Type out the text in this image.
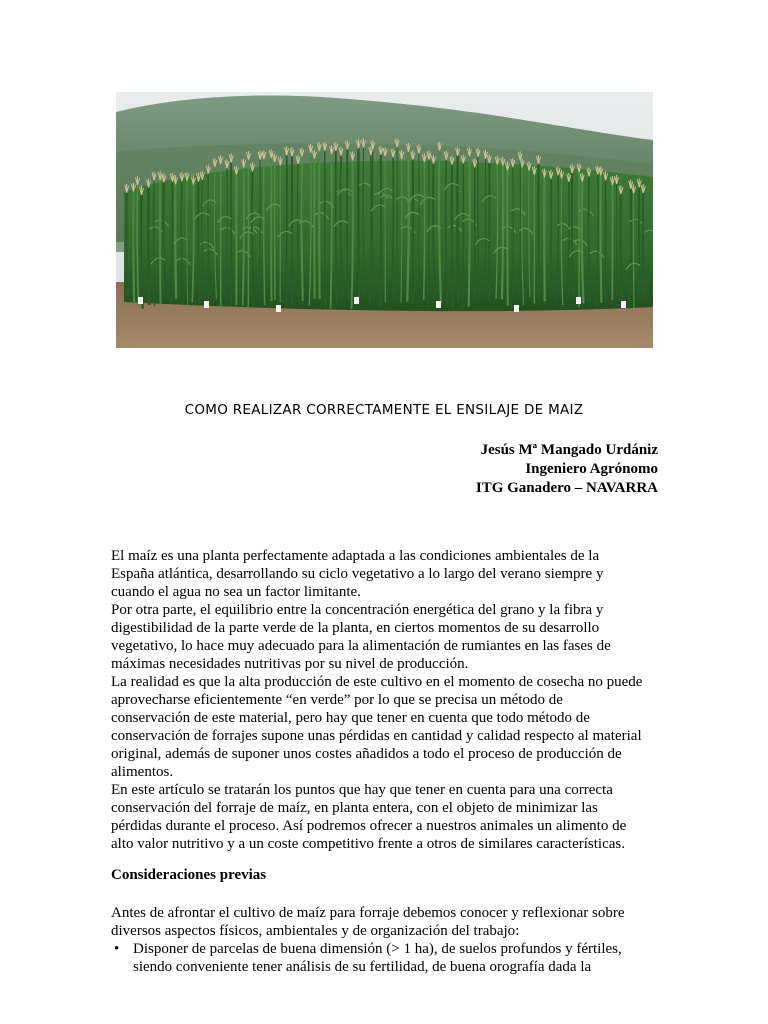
COMO REALIZAR CORRECTAMENTE EL ENSILAJE DE MAIZ
Jesús Mª Mangado Urdániz
Ingeniero Agrónomo
ITG Ganadero – NAVARRA
El maíz es una planta perfectamente adaptada a las condiciones ambientales de la
España atlántica, desarrollando su ciclo vegetativo a lo largo del verano siempre y
cuando el agua no sea un factor limitante.
Por otra parte, el equilibrio entre la concentración energética del grano y la fibra y
digestibilidad de la parte verde de la planta, en ciertos momentos de su desarrollo
vegetativo, lo hace muy adecuado para la alimentación de rumiantes en las fases de
máximas necesidades nutritivas por su nivel de producción.
La realidad es que la alta producción de este cultivo en el momento de cosecha no puede
aprovecharse eficientemente “en verde” por lo que se precisa un método de
conservación de este material, pero hay que tener en cuenta que todo método de
conservación de forrajes supone unas pérdidas en cantidad y calidad respecto al material
original, además de suponer unos costes añadidos a todo el proceso de producción de
alimentos.
En este artículo se tratarán los puntos que hay que tener en cuenta para una correcta
conservación del forraje de maíz, en planta entera, con el objeto de minimizar las
pérdidas durante el proceso. Así podremos ofrecer a nuestros animales un alimento de
alto valor nutritivo y a un coste competitivo frente a otros de similares características.
Consideraciones previas
Antes de afrontar el cultivo de maíz para forraje debemos conocer y reflexionar sobre
diversos aspectos físicos, ambientales y de organización del trabajo:
• Disponer de parcelas de buena dimensión (> 1 ha), de suelos profundos y fértiles,
siendo conveniente tener análisis de su fertilidad, de buena orografía dada la
